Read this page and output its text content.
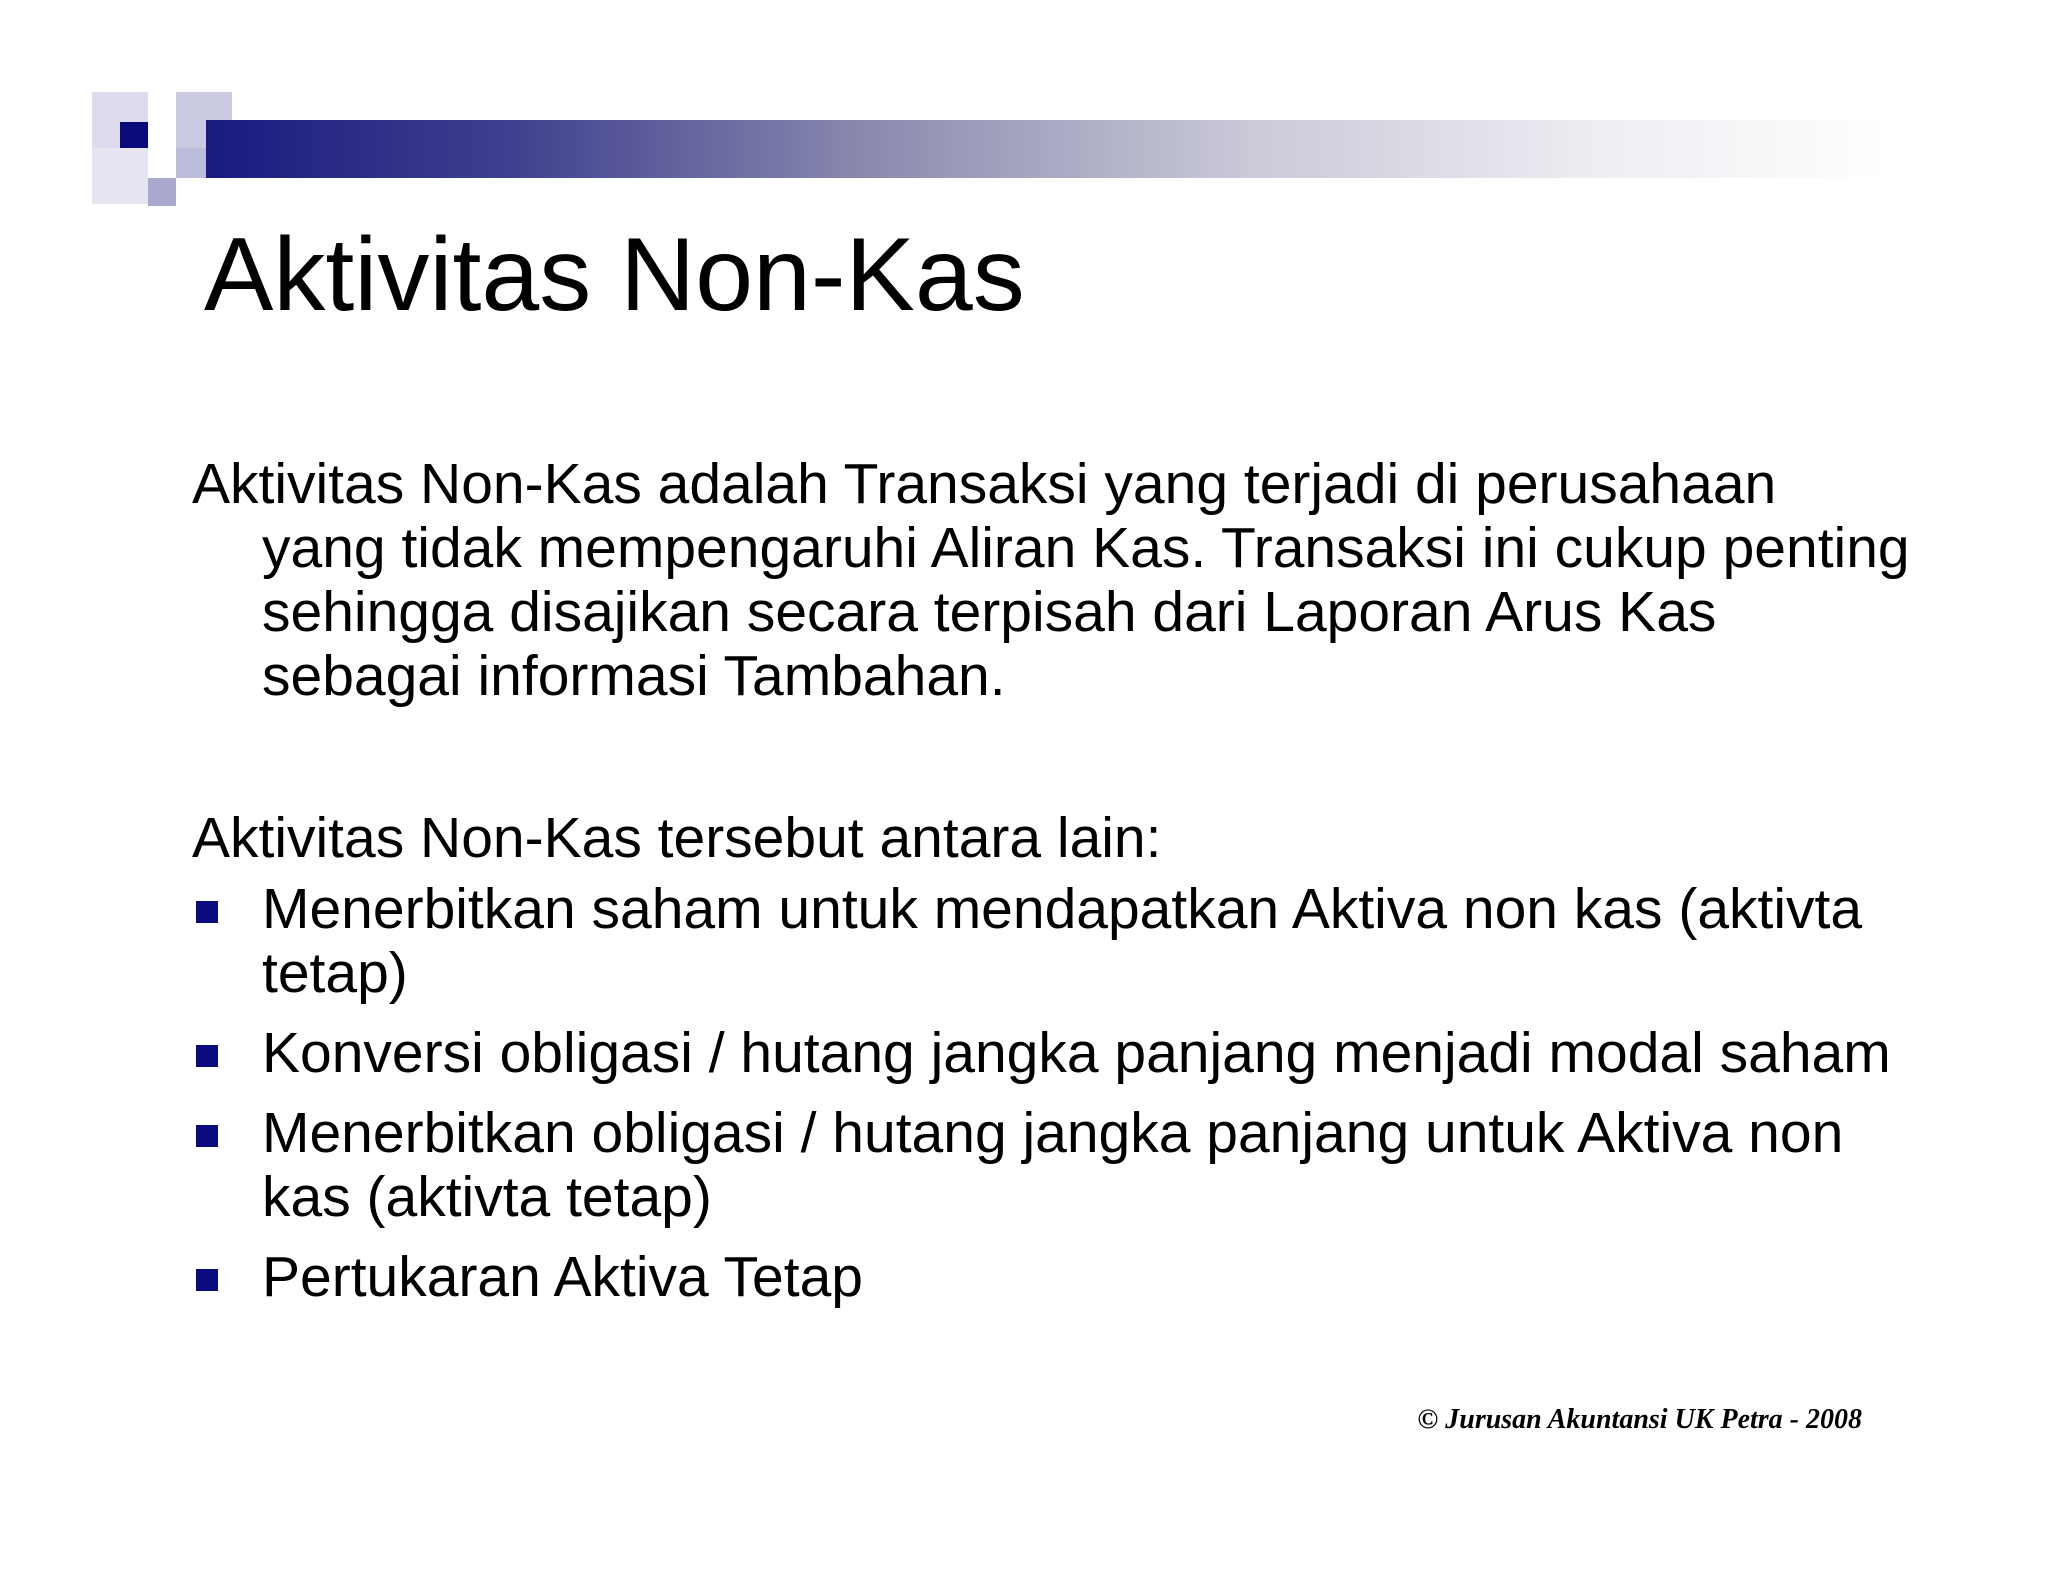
Aktivitas Non-Kas

Aktivitas Non-Kas adalah Transaksi yang terjadi di perusahaan
yang tidak mempengaruhi Aliran Kas. Transaksi ini cukup penting sehingga disajikan secara terpisah dari Laporan Arus Kas sebagai informasi Tambahan.

Aktivitas Non-Kas tersebut antara lain:

Menerbitkan saham untuk mendapatkan Aktiva non kas (aktivta tetap)
Konversi obligasi / hutang jangka panjang menjadi modal saham
Menerbitkan obligasi / hutang jangka panjang untuk Aktiva non kas (aktivta tetap)
Pertukaran Aktiva Tetap
© Jurusan Akuntansi UK Petra - 2008
